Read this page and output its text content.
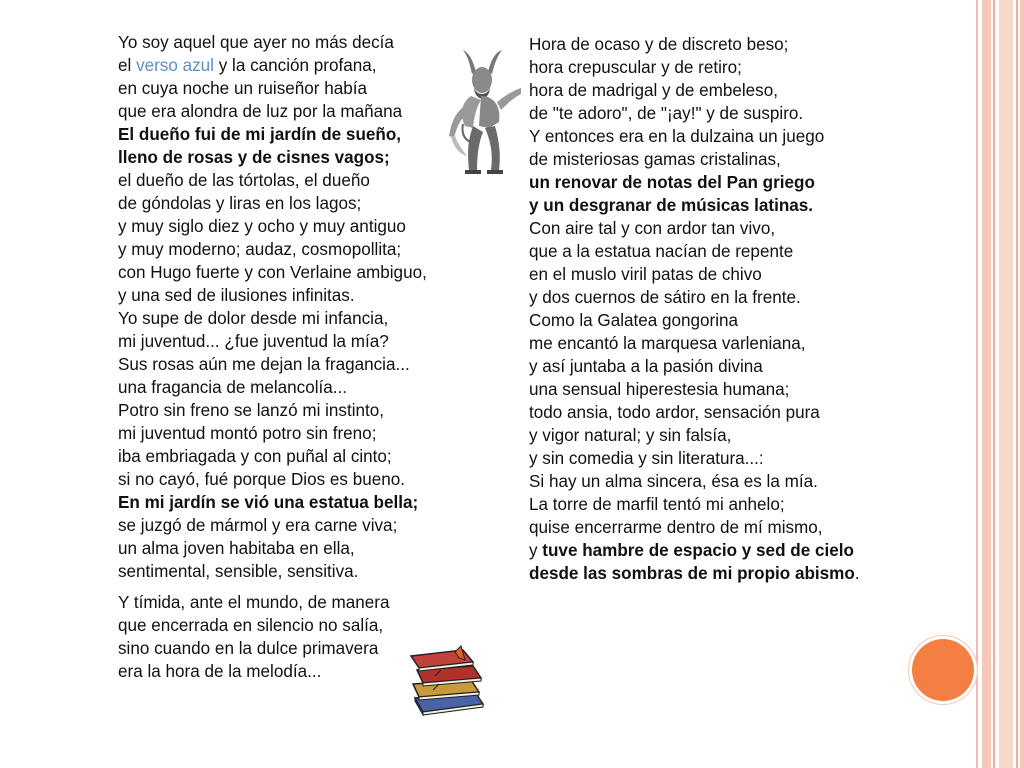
Yo soy aquel que ayer no más decía
el verso azul y la canción profana,
en cuya noche un ruiseñor había
que era alondra de luz por la mañana
El dueño fui de mi jardín de sueño,
lleno de rosas y de cisnes vagos;
el dueño de las tórtolas, el dueño
de góndolas y liras en los lagos;
y muy siglo diez y ocho y muy antiguo
y muy moderno; audaz, cosmopollita;
con Hugo fuerte y con Verlaine ambiguo,
y una sed de ilusiones infinitas.
Yo supe de dolor desde mi infancia,
mi juventud... ¿fue juventud la mía?
Sus rosas aún me dejan la fragancia...
una fragancia de melancolía...
Potro sin freno se lanzó mi instinto,
mi juventud montó potro sin freno;
iba embriagada y con puñal al cinto;
si no cayó, fué porque Dios es bueno.
En mi jardín se vió una estatua bella;
se juzgó de mármol y era carne viva;
un alma joven habitaba en ella,
sentimental, sensible, sensitiva.
Y tímida, ante el mundo, de manera
que encerrada en silencio no salía,
sino cuando en la dulce primavera
era la hora de la melodía...
Hora de ocaso y de discreto beso;
hora crepuscular y de retiro;
hora de madrigal y de embeleso,
de "te adoro", de "¡ay!" y de suspiro.
Y entonces era en la dulzaina un juego
de misteriosas gamas cristalinas,
un renovar de notas del Pan griego
y un desgranar de músicas latinas.
Con aire tal y con ardor tan vivo,
que a la estatua nacían de repente
en el muslo viril patas de chivo
y dos cuernos de sátiro en la frente.
Como la Galatea gongorina
me encantó la marquesa varleniana,
y así juntaba a la pasión divina
una sensual hiperestesia humana;
todo ansia, todo ardor, sensación pura
y vigor natural; y sin falsía,
y sin comedia y sin literatura...:
Si hay un alma sincera, ésa es la mía.
La torre de marfil tentó mi anhelo;
quise encerrarme dentro de mí mismo,
y tuve hambre de espacio y sed de cielo
desde las sombras de mi propio abismo.
